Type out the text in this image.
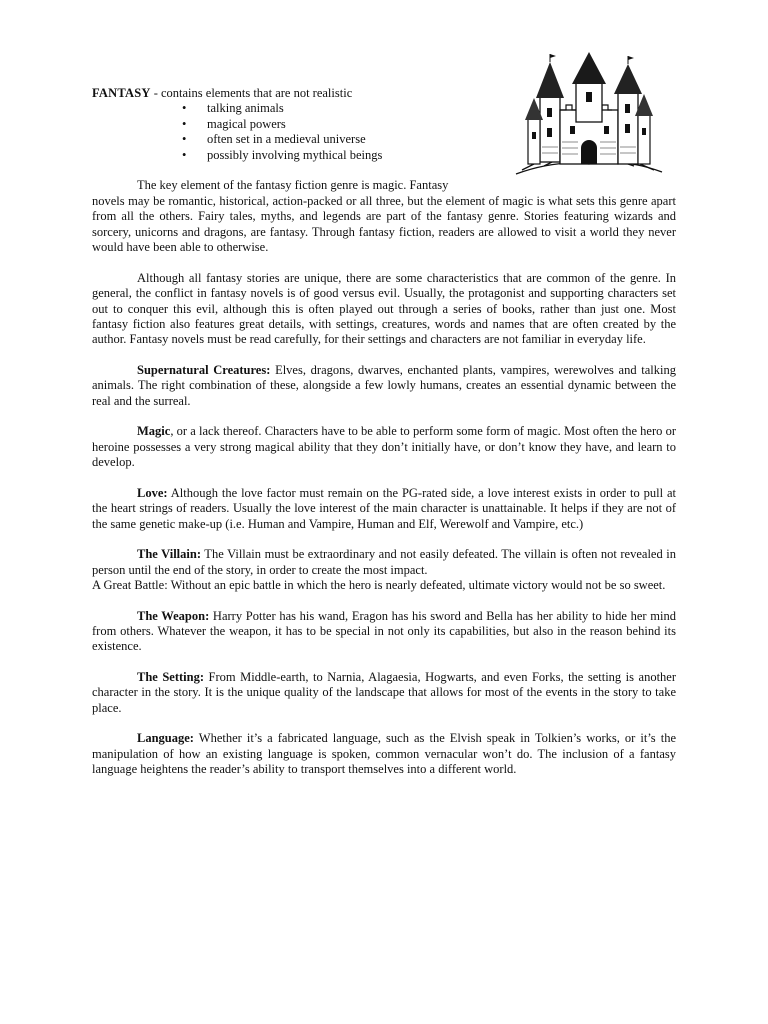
FANTASY - contains elements that are not realistic
• talking animals
• magical powers
• often set in a medieval universe
• possibly involving mythical beings
The key element of the fantasy fiction genre is magic. Fantasy

novels may be romantic, historical, action-packed or all three, but the element of magic is what sets this genre apart from all the others. Fairy tales, myths, and legends are part of the fantasy genre. Stories featuring wizards and sorcery, unicorns and dragons, are fantasy. Through fantasy fiction, readers are allowed to visit a world they never would have been able to otherwise.

Although all fantasy stories are unique, there are some characteristics that are common of the genre. In general, the conflict in fantasy novels is of good versus evil. Usually, the protagonist and supporting characters set out to conquer this evil, although this is often played out through a series of books, rather than just one. Most fantasy fiction also features great details, with settings, creatures, words and names that are often created by the author. Fantasy novels must be read carefully, for their settings and characters are not familiar in everyday life.

Supernatural Creatures: Elves, dragons, dwarves, enchanted plants, vampires, werewolves and talking animals. The right combination of these, alongside a few lowly humans, creates an essential dynamic between the real and the surreal.

Magic, or a lack thereof. Characters have to be able to perform some form of magic. Most often the hero or heroine possesses a very strong magical ability that they don’t initially have, or don’t know they have, and learn to develop.

Love: Although the love factor must remain on the PG-rated side, a love interest exists in order to pull at the heart strings of readers. Usually the love interest of the main character is unattainable. It helps if they are not of the same genetic make-up (i.e. Human and Vampire, Human and Elf, Werewolf and Vampire, etc.)

The Villain: The Villain must be extraordinary and not easily defeated. The villain is often not revealed in person until the end of the story, in order to create the most impact.

A Great Battle: Without an epic battle in which the hero is nearly defeated, ultimate victory would not be so sweet.

The Weapon: Harry Potter has his wand, Eragon has his sword and Bella has her ability to hide her mind from others. Whatever the weapon, it has to be special in not only its capabilities, but also in the reason behind its existence.

The Setting: From Middle-earth, to Narnia, Alagaesia, Hogwarts, and even Forks, the setting is another character in the story. It is the unique quality of the landscape that allows for most of the events in the story to take place.

Language: Whether it’s a fabricated language, such as the Elvish speak in Tolkien’s works, or it’s the manipulation of how an existing language is spoken, common vernacular won’t do. The inclusion of a fantasy language heightens the reader’s ability to transport themselves into a different world.
